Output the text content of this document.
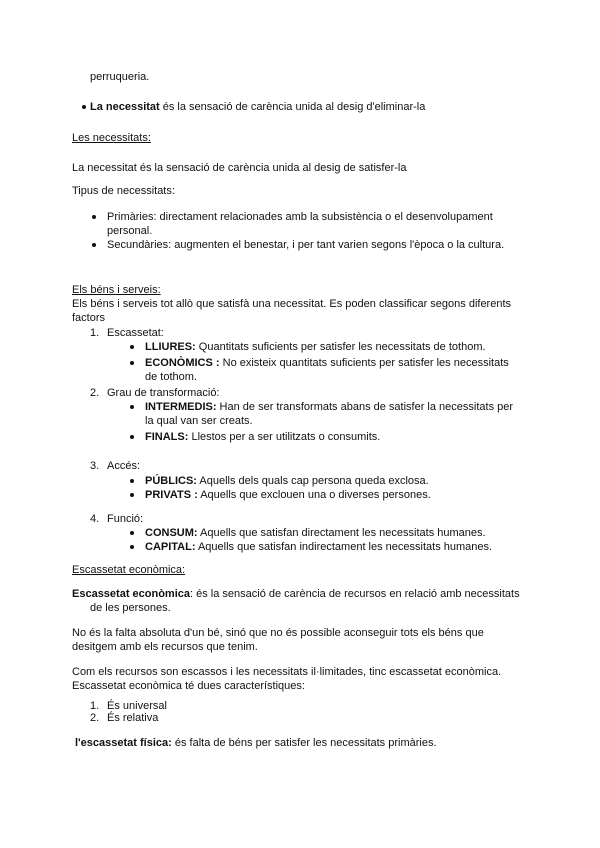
perruqueria.
La necessitat és la sensació de carència unida al desig d'eliminar-la
Les necessitats:
La necessitat és la sensació de carència unida al desig de satisfer-la
Tipus de necessitats:
Primàries: directament relacionades amb la subsistència o el desenvolupament
personal.
Secundàries: augmenten el benestar, i per tant varien segons l'època o la cultura.
Els béns i serveis:
Els béns i serveis tot allò que satisfà una necessitat. Es poden classificar segons diferents
factors
1. Escassetat:
LLIURES: Quantitats suficients per satisfer les necessitats de tothom.
ECONÒMICS : No existeix quantitats suficients per satisfer les necessitats
de tothom.
2. Grau de transformació:
INTERMEDIS: Han de ser transformats abans de satisfer la necessitats per
la qual van ser creats.
FINALS: Llestos per a ser utilitzats o consumits.
3. Accés:
PÚBLICS: Aquells dels quals cap persona queda exclosa.
PRIVATS : Aquells que exclouen una o diverses persones.
4. Funció:
CONSUM: Aquells que satisfan directament les necessitats humanes.
CAPITAL: Aquells que satisfan indirectament les necessitats humanes.
Escassetat econòmica:
Escassetat econòmica: és la sensació de carència de recursos en relació amb necessitats
de les persones.
No és la falta absoluta d'un bé, sinó que no és possible aconseguir tots els béns que
desitgem amb els recursos que tenim.
Com els recursos son escassos i les necessitats il·limitades, tinc escassetat econòmica.
Escassetat econòmica té dues característiques:
1. És universal
2. És relativa
l'escassetat física: és falta de béns per satisfer les necessitats primàries.
